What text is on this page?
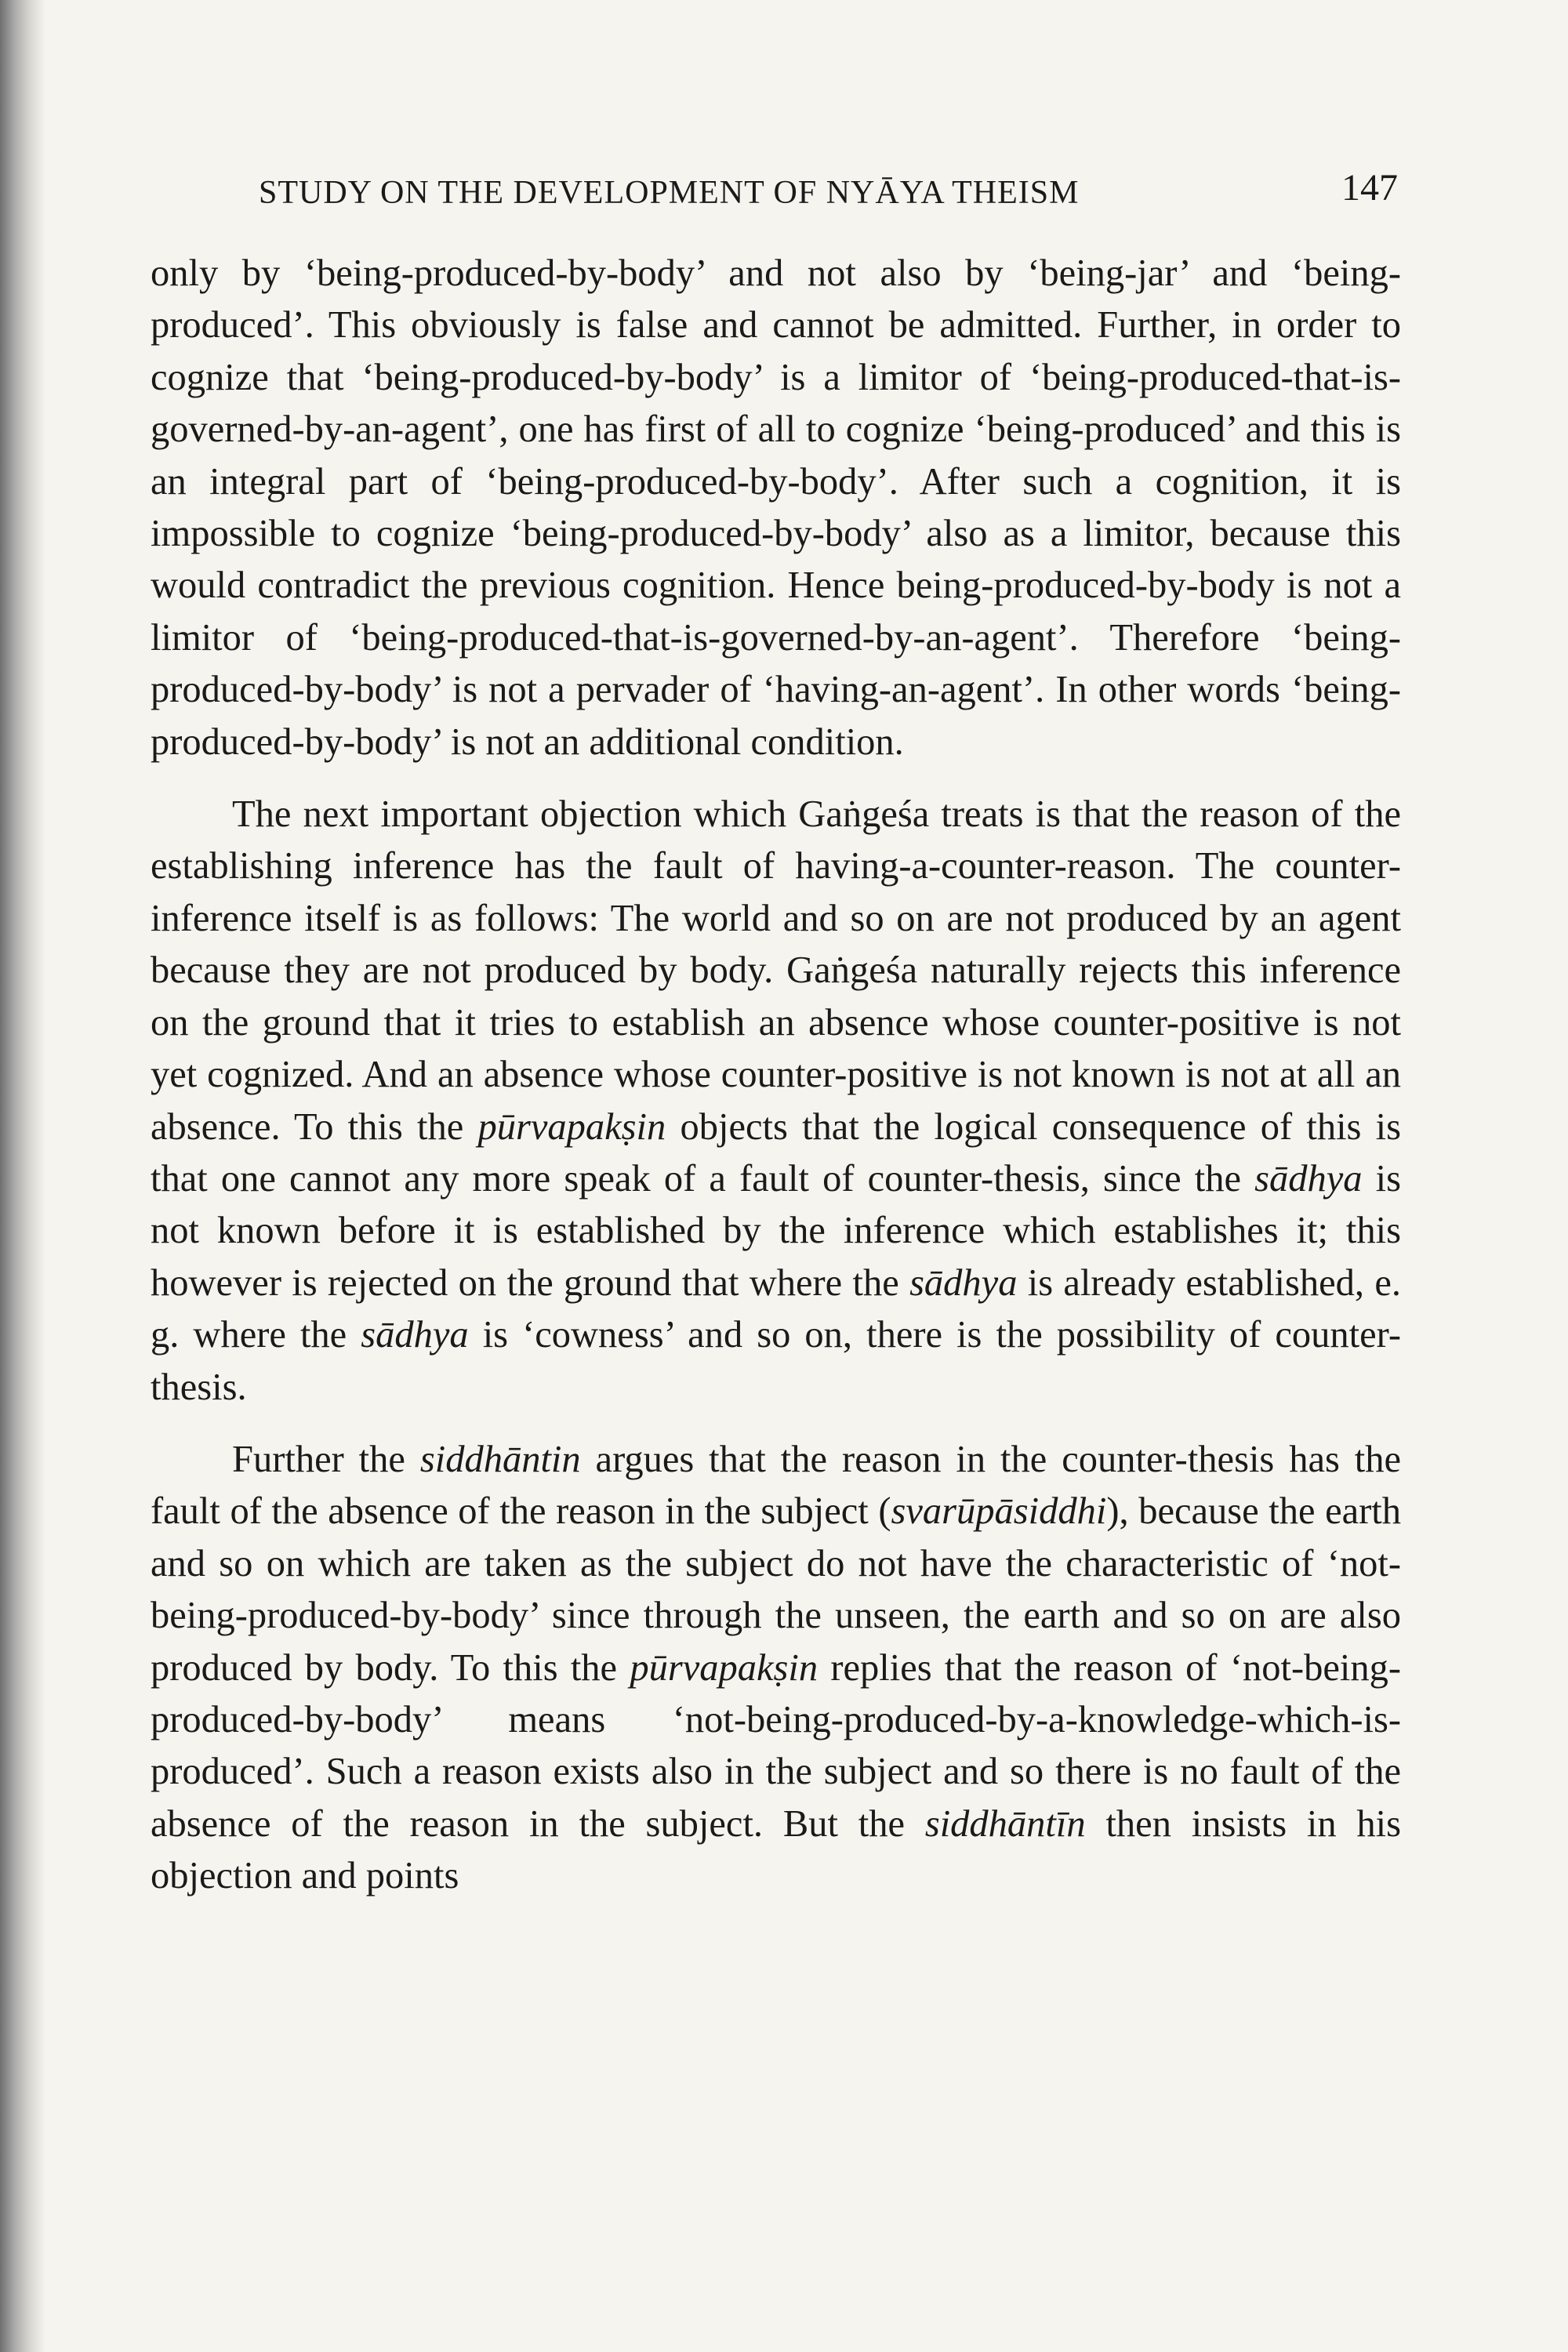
STUDY ON THE DEVELOPMENT OF NYĀYA THEISM	147

only by ‘being-produced-by-body’ and not also by ‘being-jar’ and ‘being-produced’. This obviously is false and cannot be admitted. Further, in order to cognize that ‘being-produced-by-body’ is a limitor of ‘being-produced-that-is-governed-by-an-agent’, one has first of all to cognize ‘being-produced’ and this is an integral part of ‘being-produced-by-body’. After such a cognition, it is impossible to cognize ‘being-produced-by-body’ also as a limitor, because this would contradict the previous cognition. Hence being-produced-by-body is not a limitor of ‘being-produced-that-is-governed-by-an-agent’. Therefore ‘being-produced-by-body’ is not a pervader of ‘having-an-agent’. In other words ‘being-produced-by-body’ is not an additional condition.

The next important objection which Gaṅgeśa treats is that the reason of the establishing inference has the fault of having-a-counter-reason. The counter-inference itself is as follows: The world and so on are not produced by an agent because they are not produced by body. Gaṅgeśa naturally rejects this inference on the ground that it tries to establish an absence whose counter-positive is not yet cognized. And an absence whose counter-positive is not known is not at all an absence. To this the pūrvapakṣin objects that the logical consequence of this is that one cannot any more speak of a fault of counter-thesis, since the sādhya is not known before it is established by the inference which establishes it; this however is rejected on the ground that where the sādhya is already established, e. g. where the sādhya is ‘cowness’ and so on, there is the possibility of counter-thesis.

Further the siddhāntin argues that the reason in the counter-thesis has the fault of the absence of the reason in the subject (svarūpāsiddhi), because the earth and so on which are taken as the subject do not have the characteristic of ‘not-being-produced-by-body’ since through the unseen, the earth and so on are also produced by body. To this the pūrvapakṣin replies that the reason of ‘not-being-produced-by-body’ means ‘not-being-produced-by-a-knowledge-which-is-produced’. Such a reason exists also in the subject and so there is no fault of the absence of the reason in the subject. But the siddhāntīn then insists in his objection and points
